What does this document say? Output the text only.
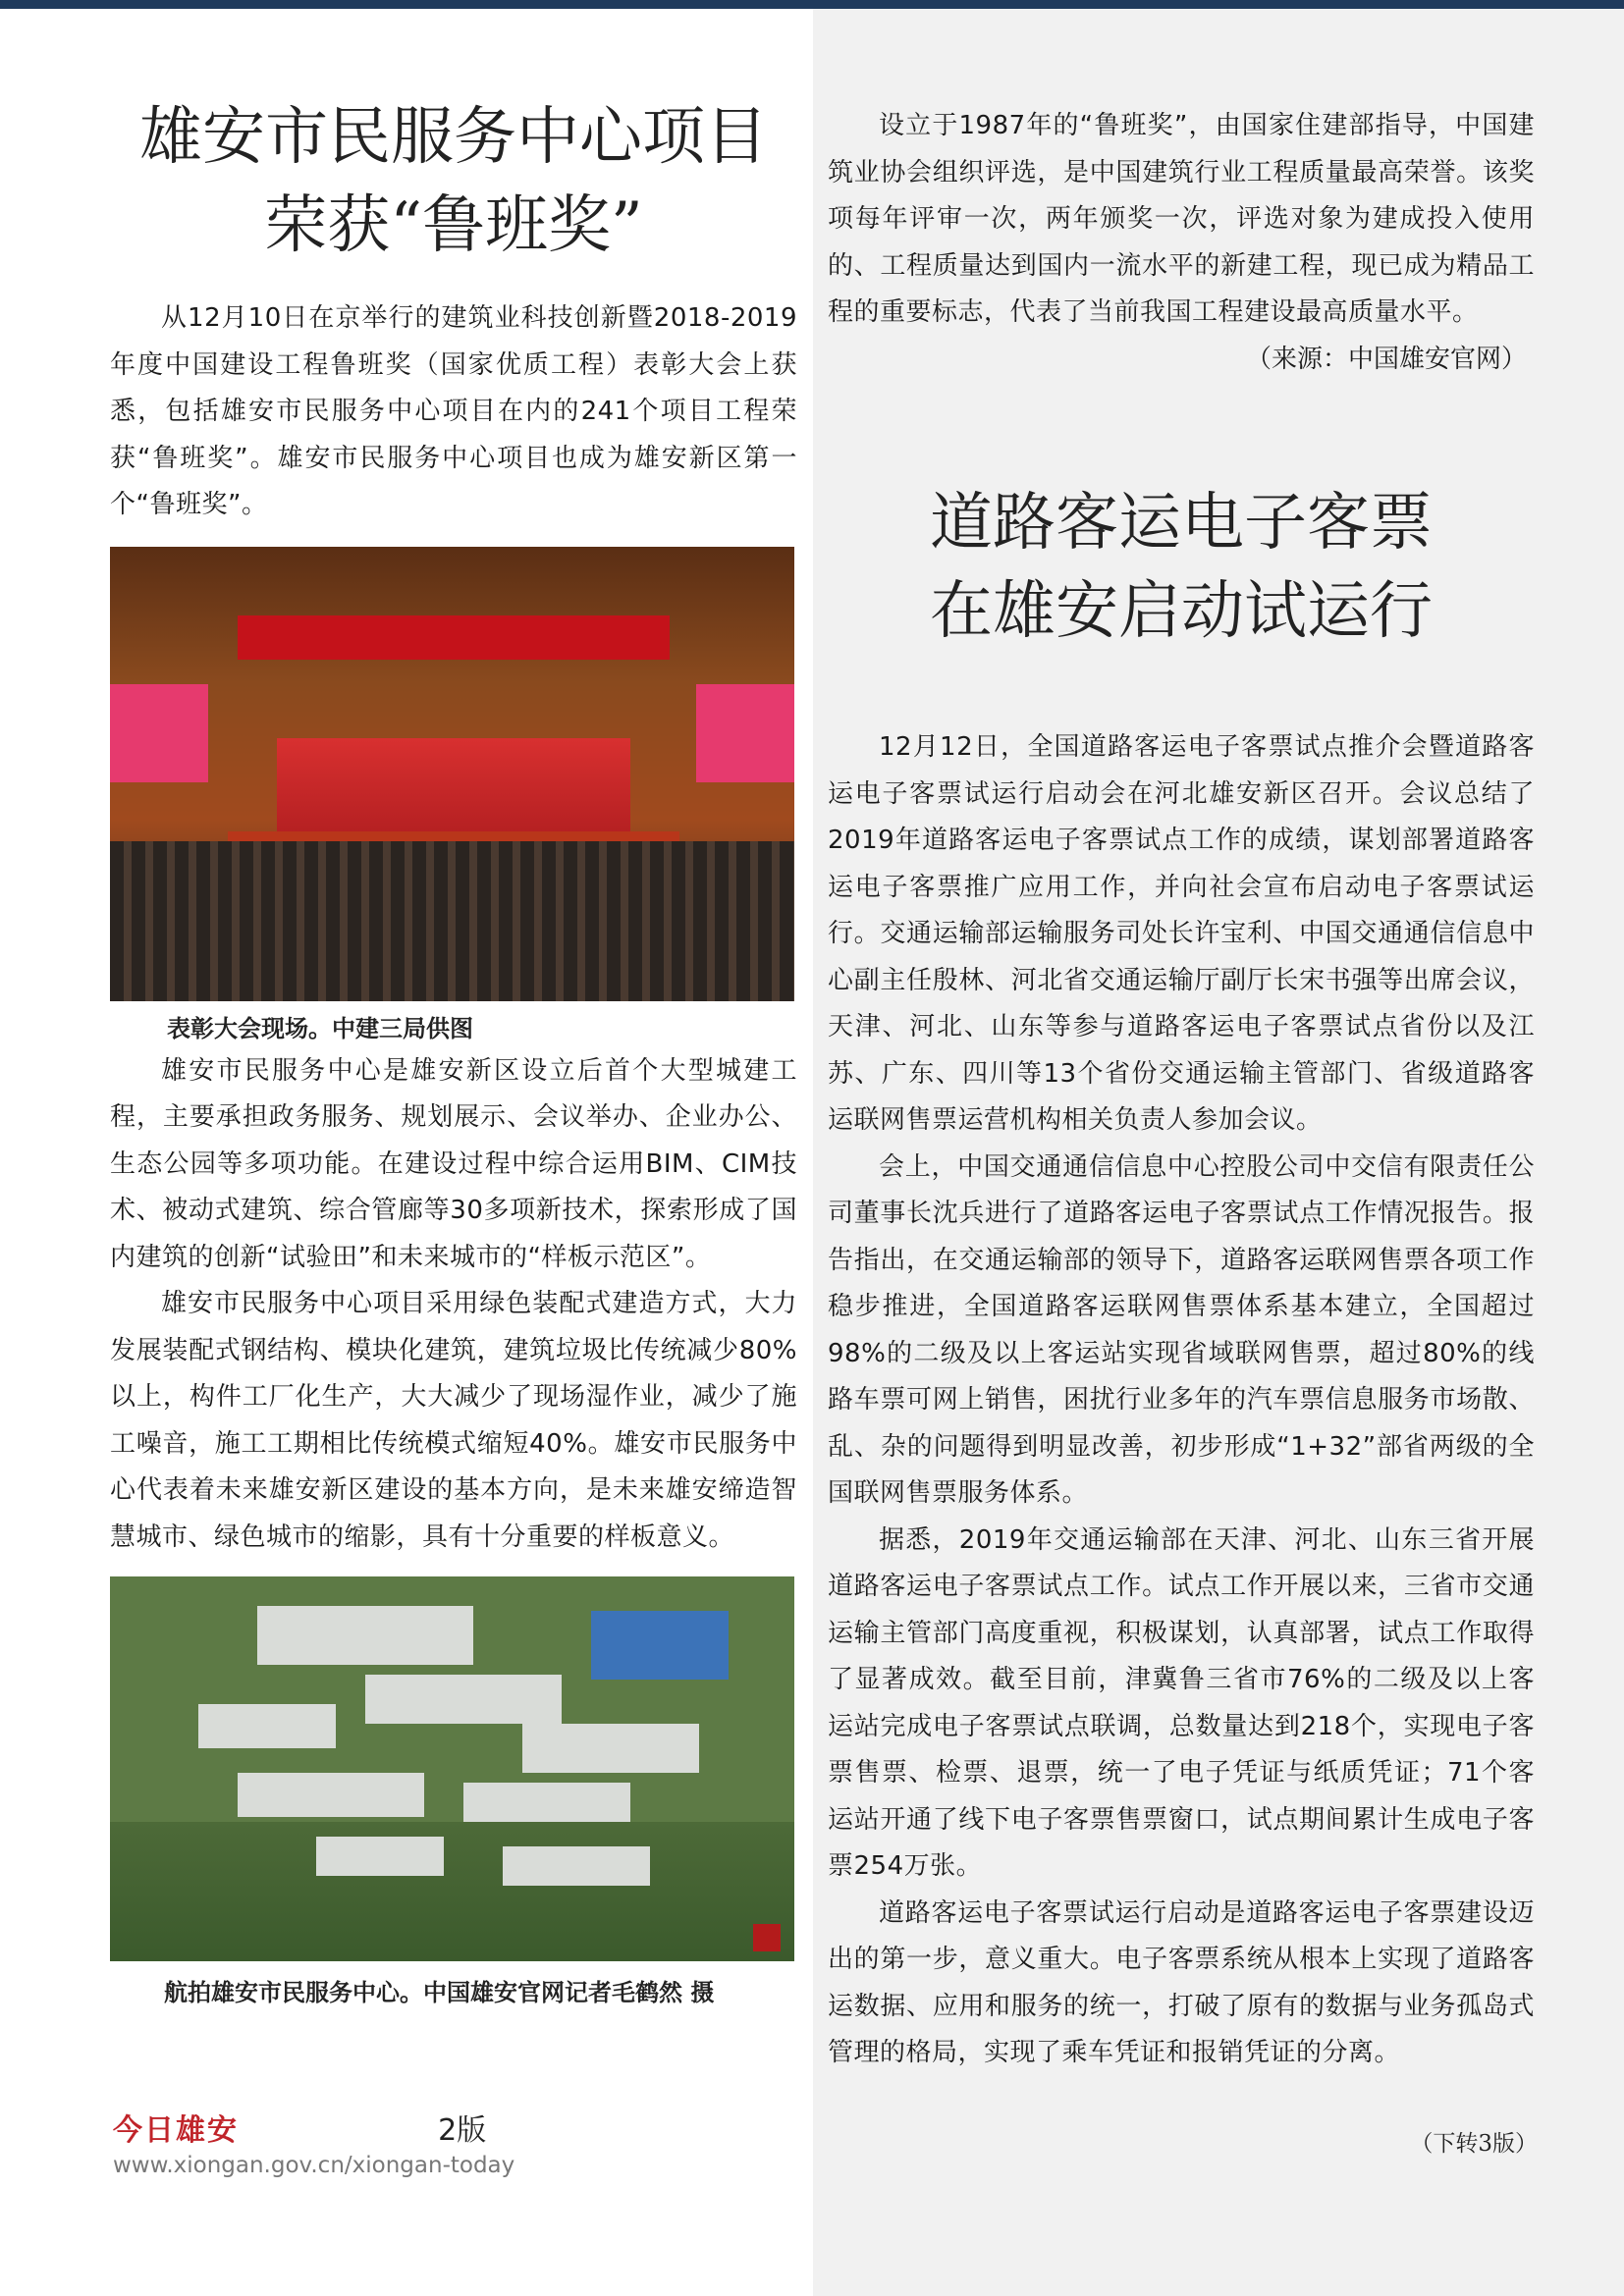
雄安市民服务中心项目
荣获“鲁班奖”

从12月10日在京举行的建筑业科技创新暨2018-2019年度中国建设工程鲁班奖（国家优质工程）表彰大会上获悉，包括雄安市民服务中心项目在内的241个项目工程荣获“鲁班奖”。雄安市民服务中心项目也成为雄安新区第一个“鲁班奖”。

表彰大会现场。中建三局供图

雄安市民服务中心是雄安新区设立后首个大型城建工程，主要承担政务服务、规划展示、会议举办、企业办公、生态公园等多项功能。在建设过程中综合运用BIM、CIM技术、被动式建筑、综合管廊等30多项新技术，探索形成了国内建筑的创新“试验田”和未来城市的“样板示范区”。

雄安市民服务中心项目采用绿色装配式建造方式，大力发展装配式钢结构、模块化建筑，建筑垃圾比传统减少80%以上，构件工厂化生产，大大减少了现场湿作业，减少了施工噪音，施工工期相比传统模式缩短40%。雄安市民服务中心代表着未来雄安新区建设的基本方向，是未来雄安缔造智慧城市、绿色城市的缩影，具有十分重要的样板意义。

航拍雄安市民服务中心。中国雄安官网记者毛鹤然 摄

设立于1987年的“鲁班奖”，由国家住建部指导，中国建筑业协会组织评选，是中国建筑行业工程质量最高荣誉。该奖项每年评审一次，两年颁奖一次，评选对象为建成投入使用的、工程质量达到国内一流水平的新建工程，现已成为精品工程的重要标志，代表了当前我国工程建设最高质量水平。

（来源：中国雄安官网）

道路客运电子客票
在雄安启动试运行

12月12日，全国道路客运电子客票试点推介会暨道路客运电子客票试运行启动会在河北雄安新区召开。会议总结了2019年道路客运电子客票试点工作的成绩，谋划部署道路客运电子客票推广应用工作，并向社会宣布启动电子客票试运行。交通运输部运输服务司处长许宝利、中国交通通信信息中心副主任殷林、河北省交通运输厅副厅长宋书强等出席会议，天津、河北、山东等参与道路客运电子客票试点省份以及江苏、广东、四川等13个省份交通运输主管部门、省级道路客运联网售票运营机构相关负责人参加会议。

会上，中国交通通信信息中心控股公司中交信有限责任公司董事长沈兵进行了道路客运电子客票试点工作情况报告。报告指出，在交通运输部的领导下，道路客运联网售票各项工作稳步推进，全国道路客运联网售票体系基本建立，全国超过98%的二级及以上客运站实现省域联网售票，超过80%的线路车票可网上销售，困扰行业多年的汽车票信息服务市场散、乱、杂的问题得到明显改善，初步形成“1+32”部省两级的全国联网售票服务体系。

据悉，2019年交通运输部在天津、河北、山东三省开展道路客运电子客票试点工作。试点工作开展以来，三省市交通运输主管部门高度重视，积极谋划，认真部署，试点工作取得了显著成效。截至目前，津冀鲁三省市76%的二级及以上客运站完成电子客票试点联调，总数量达到218个，实现电子客票售票、检票、退票，统一了电子凭证与纸质凭证；71个客运站开通了线下电子客票售票窗口，试点期间累计生成电子客票254万张。

道路客运电子客票试运行启动是道路客运电子客票建设迈出的第一步，意义重大。电子客票系统从根本上实现了道路客运数据、应用和服务的统一，打破了原有的数据与业务孤岛式管理的格局，实现了乘车凭证和报销凭证的分离。

（下转3版）
今日雄安	2版
www.xiongan.gov.cn/xiongan-today
